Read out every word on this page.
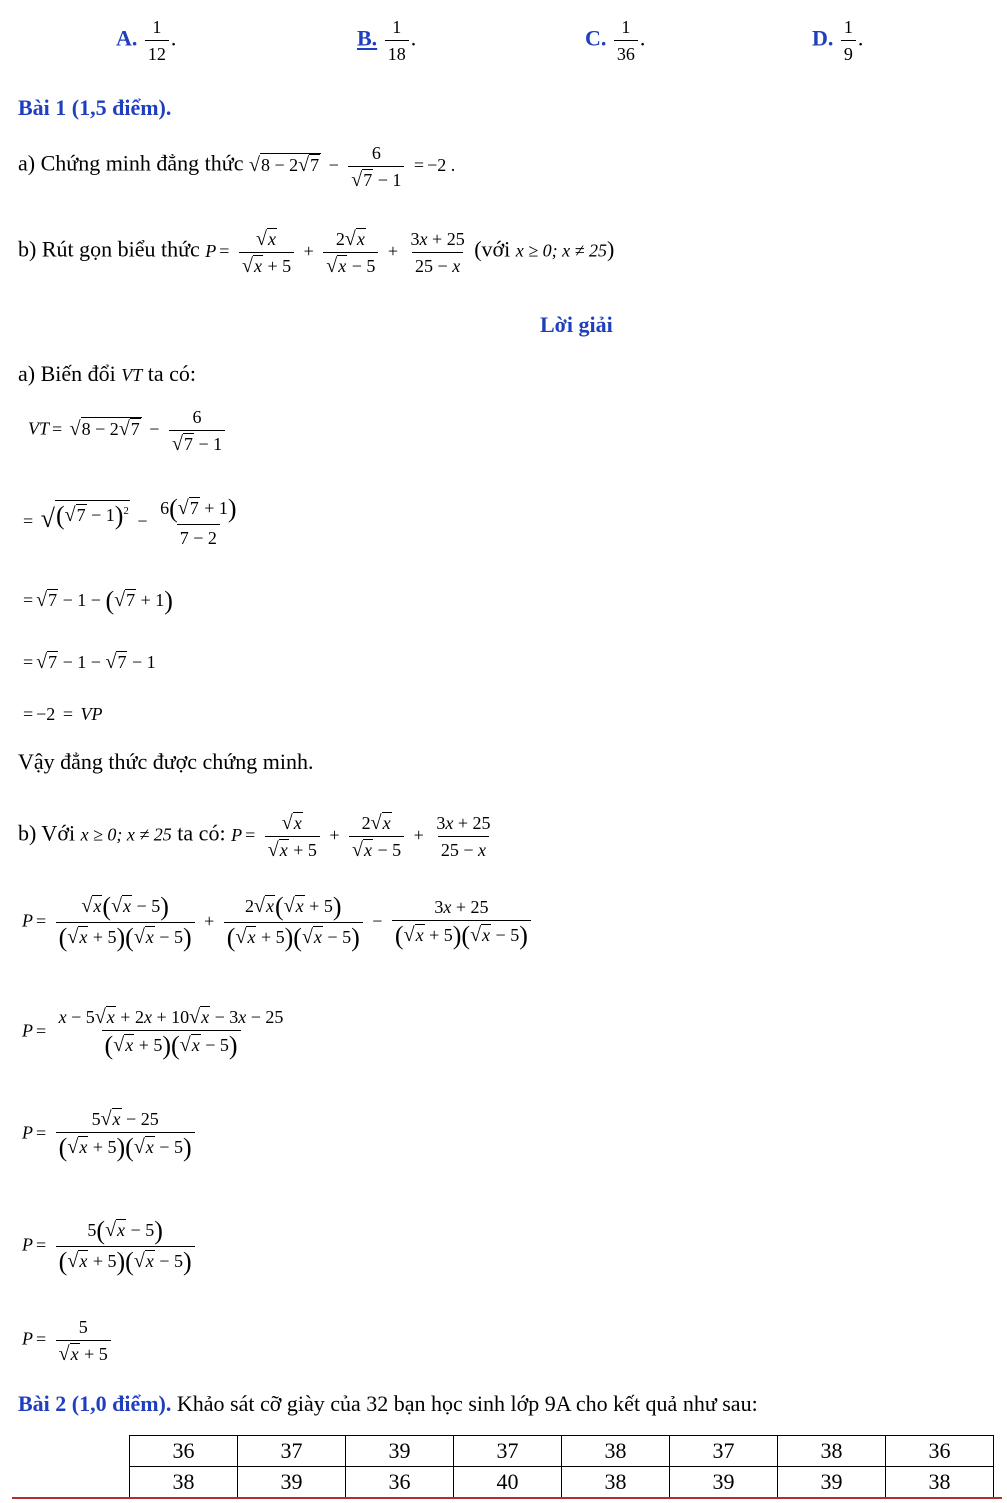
A. $\frac{1}{12}$ .	B. $\frac{1}{18}$ .	C. $\frac{1}{36}$ .	D. $\frac{1}{9}$ .
Bài 1 (1,5 điểm).
a) Chứng minh đẳng thức √ 8 − 2 √ $7 - \frac{6}{√ 7 - 1} = -2$ .
b) Rút gọn biểu thức $P = \frac{√ x}{√ x + 5} + \frac{2 √ x}{√ x - 5} + \frac{3x + 25}{25 - x}$ (với x ≥ 0; x ≠ 25)
Lời giải
a) Biến đổi VT ta có:
VT = √ 8 − 2 √ $7 - \frac{6}{√ 7 - 1}$
= √ ( √ $7 - 1)^2 - \frac{6( √ 7 + 1)}{7 - 2}$
= √ 7 − 1 − ( √ 7 + 1)
= √ 7 − 1 − √ 7 − 1
= −2 = VP
Vậy đẳng thức được chứng minh.
b) Với x ≥ 0; x ≠ 25 ta có: $P = \frac{√ x}{√ x + 5} + \frac{2 √ x}{√ x - 5} + \frac{3x + 25}{25 - x}$
$P = \frac{√ x ( √ x - 5)}{( √ x + 5)( √ x - 5)} + \frac{2 √ x ( √ x + 5)}{( √ x + 5)( √ x - 5)} - \frac{3x + 25}{( √ x + 5)( √ x - 5)}$
$P = \frac{x - 5 √ x + 2x + 10 √ x - 3x - 25}{( √ x + 5)( √ x - 5)}$
$P = \frac{5 √ x - 25}{( √ x + 5)( √ x - 5)}$
$P = \frac{5( √ x - 5)}{( √ x + 5)( √ x - 5)}$
$P = \frac{5}{√ x + 5}$
Bài 2 (1,0 điểm). Khảo sát cỡ giày của 32 bạn học sinh lớp 9A cho kết quả như sau:
36	37	39	37	38	37	38	36
38	39	36	40	38	39	39	38
